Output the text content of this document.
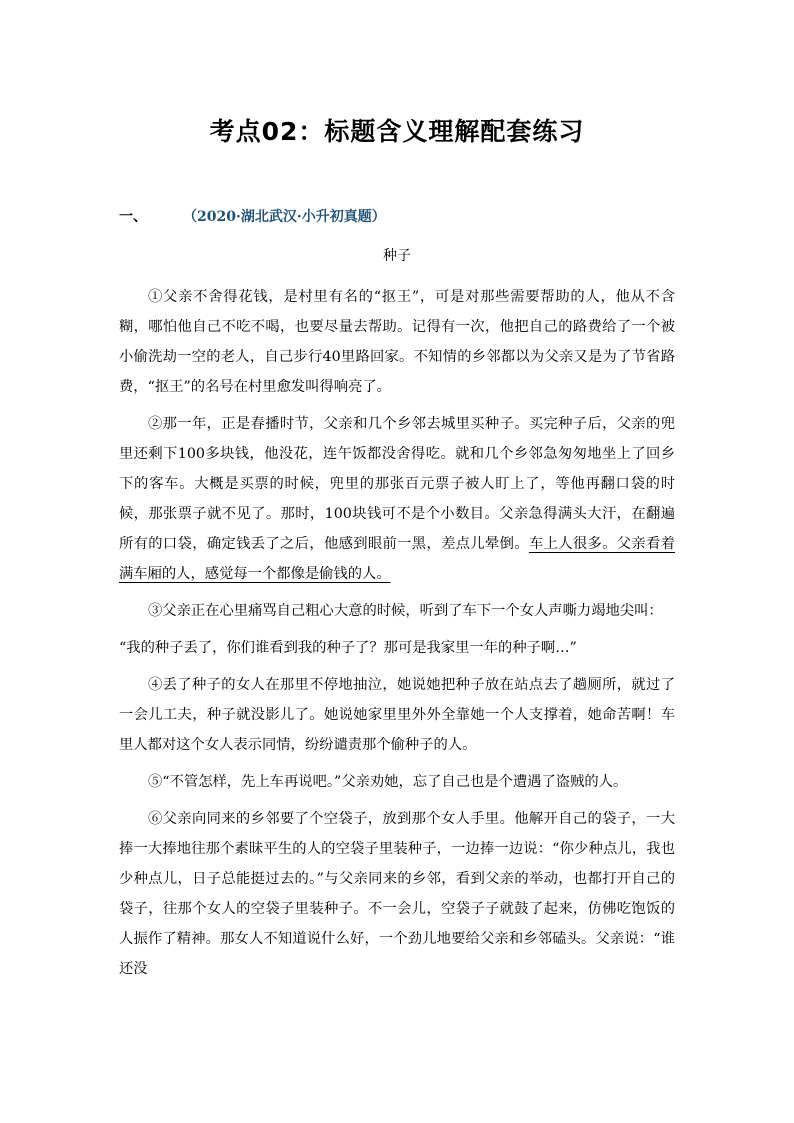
考点02：标题含义理解配套练习
一、	（2020·湖北武汉·小升初真题）
种子

①父亲不舍得花钱，是村里有名的“抠王”，可是对那些需要帮助的人，他从不含糊，哪怕他自己不吃不喝，也要尽量去帮助。记得有一次，他把自己的路费给了一个被小偷洗劫一空的老人，自己步行40里路回家。不知情的乡邻都以为父亲又是为了节省路费，“抠王”的名号在村里愈发叫得响亮了。

②那一年，正是春播时节，父亲和几个乡邻去城里买种子。买完种子后，父亲的兜里还剩下100多块钱，他没花，连午饭都没舍得吃。就和几个乡邻急匆匆地坐上了回乡下的客车。大概是买票的时候，兜里的那张百元票子被人盯上了，等他再翻口袋的时候，那张票子就不见了。那时，100块钱可不是个小数目。父亲急得满头大汗，在翻遍所有的口袋，确定钱丢了之后，他感到眼前一黑，差点儿晕倒。车上人很多。父亲看着满车厢的人，感觉每一个都像是偷钱的人。

③父亲正在心里痛骂自己粗心大意的时候，听到了车下一个女人声嘶力竭地尖叫：

“我的种子丢了，你们谁看到我的种子了？那可是我家里一年的种子啊…”

④丢了种子的女人在那里不停地抽泣，她说她把种子放在站点去了趟厕所，就过了一会儿工夫，种子就没影儿了。她说她家里里外外全靠她一个人支撑着，她命苦啊！车里人都对这个女人表示同情，纷纷谴责那个偷种子的人。

⑤“不管怎样，先上车再说吧。”父亲劝她，忘了自己也是个遭遇了盗贼的人。

⑥父亲向同来的乡邻要了个空袋子，放到那个女人手里。他解开自己的袋子，一大捧一大捧地往那个素昧平生的人的空袋子里装种子，一边捧一边说：“你少种点儿，我也少种点儿，日子总能挺过去的。”与父亲同来的乡邻，看到父亲的举动，也都打开自己的袋子，往那个女人的空袋子里装种子。不一会儿，空袋子子就鼓了起来，仿佛吃饱饭的人振作了精神。那女人不知道说什么好，一个劲儿地要给父亲和乡邻磕头。父亲说：“谁还没
